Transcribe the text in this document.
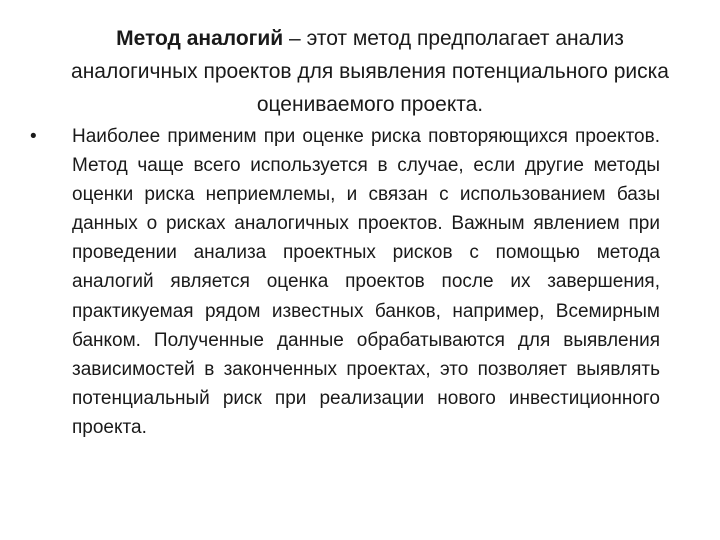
Метод аналогий – этот метод предполагает анализ аналогичных проектов для выявления потенциального риска оцениваемого проекта.
•	Наиболее применим при оценке риска повторяющихся проектов. Метод чаще всего используется в случае, если другие методы оценки риска неприемлемы, и связан с использованием базы данных о рисках аналогичных проектов. Важным явлением при проведении анализа проектных рисков с помощью метода аналогий является оценка проектов после их завершения, практикуемая рядом известных банков, например, Всемирным банком. Полученные данные обрабатываются для выявления зависимостей в законченных проектах, это позволяет выявлять потенциальный риск при реализации нового инвестиционного проекта.
